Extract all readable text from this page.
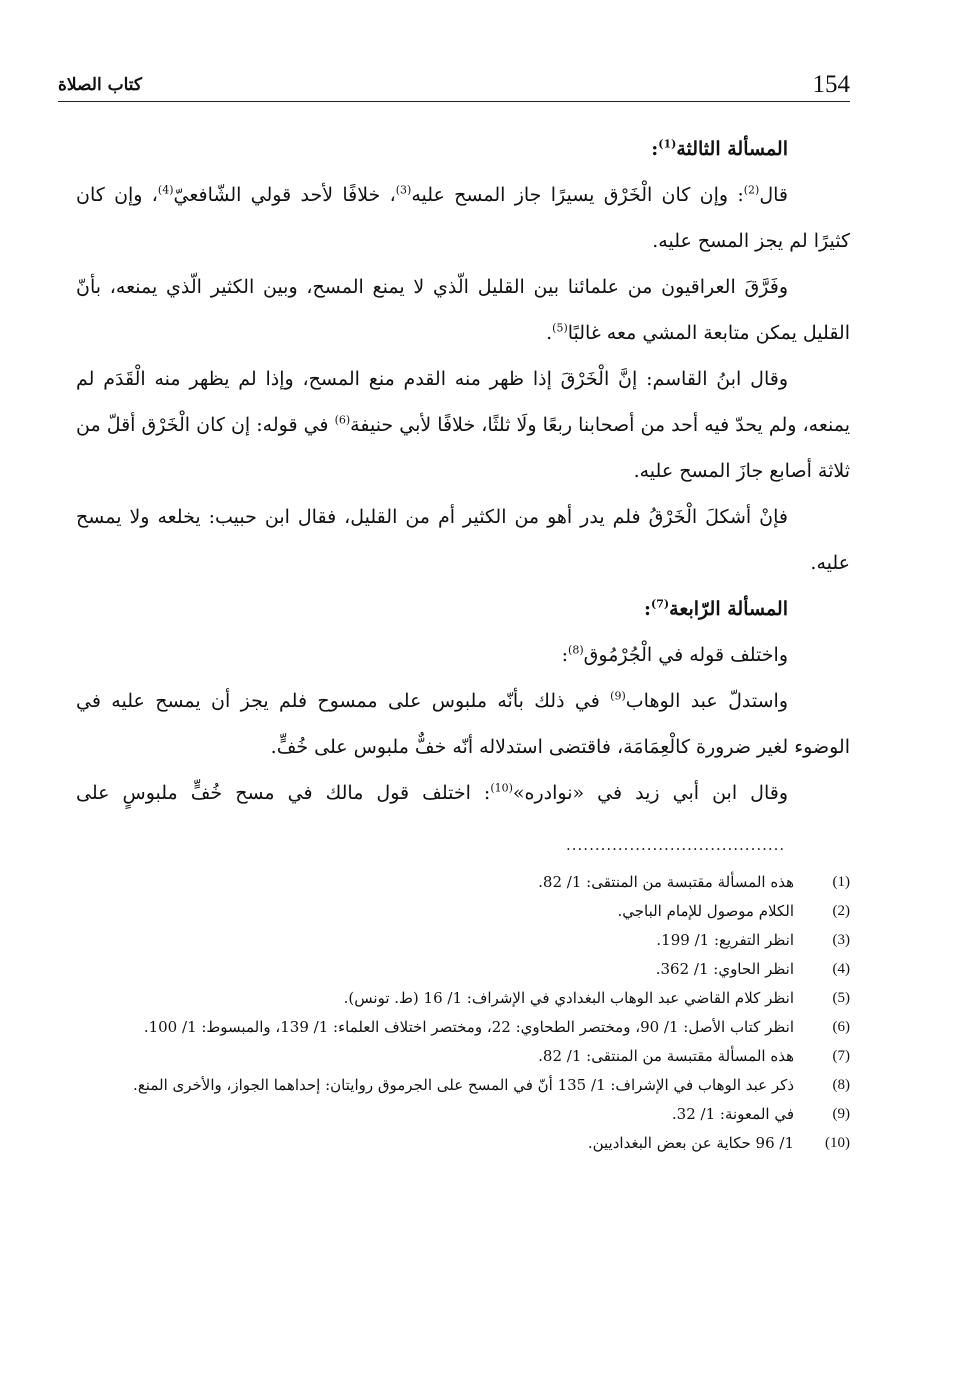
كتاب الصلاة	154

المسألة الثالثة$^{(1)}$:

قال$^{(2)}$: وإن كان الْخَرْق يسيرًا جاز المسح عليه$^{(3)}$، خلافًا لأحد قولي الشّافعيّ$^{(4)}$، وإن كان كثيرًا لم يجز المسح عليه.

وفَرَّقَ العراقيون من علمائنا بين القليل الّذي لا يمنع المسح، وبين الكثير الّذي يمنعه، بأنّ القليل يمكن متابعة المشي معه غالبًا$^{(5)}$.

وقال ابنُ القاسم: إنَّ الْخَرْقَ إذا ظهر منه القدم منع المسح، وإذا لم يظهر منه الْقَدَم لم يمنعه، ولم يحدّ فيه أحد من أصحابنا ربعًا ولَا ثلثًا، خلافًا لأبي حنيفة$^{(6)}$ في قوله: إن كان الْخَرْق أقلّ من ثلاثة أصابع جازَ المسح عليه.

فإنْ أشكلَ الْخَرْقُ فلم يدر أهو من الكثير أم من القليل، فقال ابن حبيب: يخلعه ولا يمسح عليه.

المسألة الرّابعة$^{(7)}$:

واختلف قوله في الْجُرْمُوق$^{(8)}$:

واستدلّ عبد الوهاب$^{(9)}$ في ذلك بأنّه ملبوس على ممسوح فلم يجز أن يمسح عليه في الوضوء لغير ضرورة كالْعِمَامَة، فاقتضى استدلاله أنّه خفٌّ ملبوس على خُفٍّ.

وقال ابن أبي زيد في «نوادره»$^{(10)}$: اختلف قول مالك في مسح خُفٍّ ملبوسٍ على

......................................
(1)
هذه المسألة مقتبسة من المنتقى: 1/ 82.
(2)
الكلام موصول للإمام الباجي.
(3)
انظر التفريع: 1/ 199.
(4)
انظر الحاوي: 1/ 362.
(5)
انظر كلام القاضي عبد الوهاب البغدادي في الإشراف: 1/ 16 (ط. تونس).
(6)
انظر كتاب الأصل: 1/ 90، ومختصر الطحاوي: 22، ومختصر اختلاف العلماء: 1/ 139، والمبسوط: 1/ 100.
(7)
هذه المسألة مقتبسة من المنتقى: 1/ 82.
(8)
ذكر عبد الوهاب في الإشراف: 1/ 135 أنّ في المسح على الجرموق روايتان: إحداهما الجواز، والأخرى المنع.
(9)
في المعونة: 1/ 32.
(10)
1/ 96 حكاية عن بعض البغداديين.
